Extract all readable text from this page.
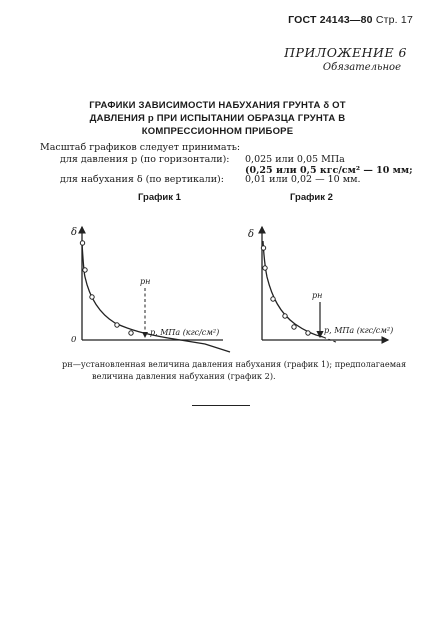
ГОСТ 24143—80 Стр. 17
ПРИЛОЖЕНИЕ 6
Обязательное
ГРАФИКИ ЗАВИСИМОСТИ НАБУХАНИЯ ГРУНТА δ ОТ
ДАВЛЕНИЯ p ПРИ ИСПЫТАНИИ ОБРАЗЦА ГРУНТА В
КОМПРЕССИОННОМ ПРИБОРЕ
Масштаб графиков следует принимать:
для давления p (по горизонтали): 0,025 или 0,05 МПа
(0,25 или 0,5 кгс/см² — 10 мм;
для набухания δ (по вертикали): 0,01 или 0,02 — 10 мм.
График 1	График 2
δ
0
pн
p, МПа (кгс/см²)
δ
pн
p, МПа (кгс/см²)
pн—установленная величина давления набухания (график 1); предполагаемая
величина давления набухания (график 2).
